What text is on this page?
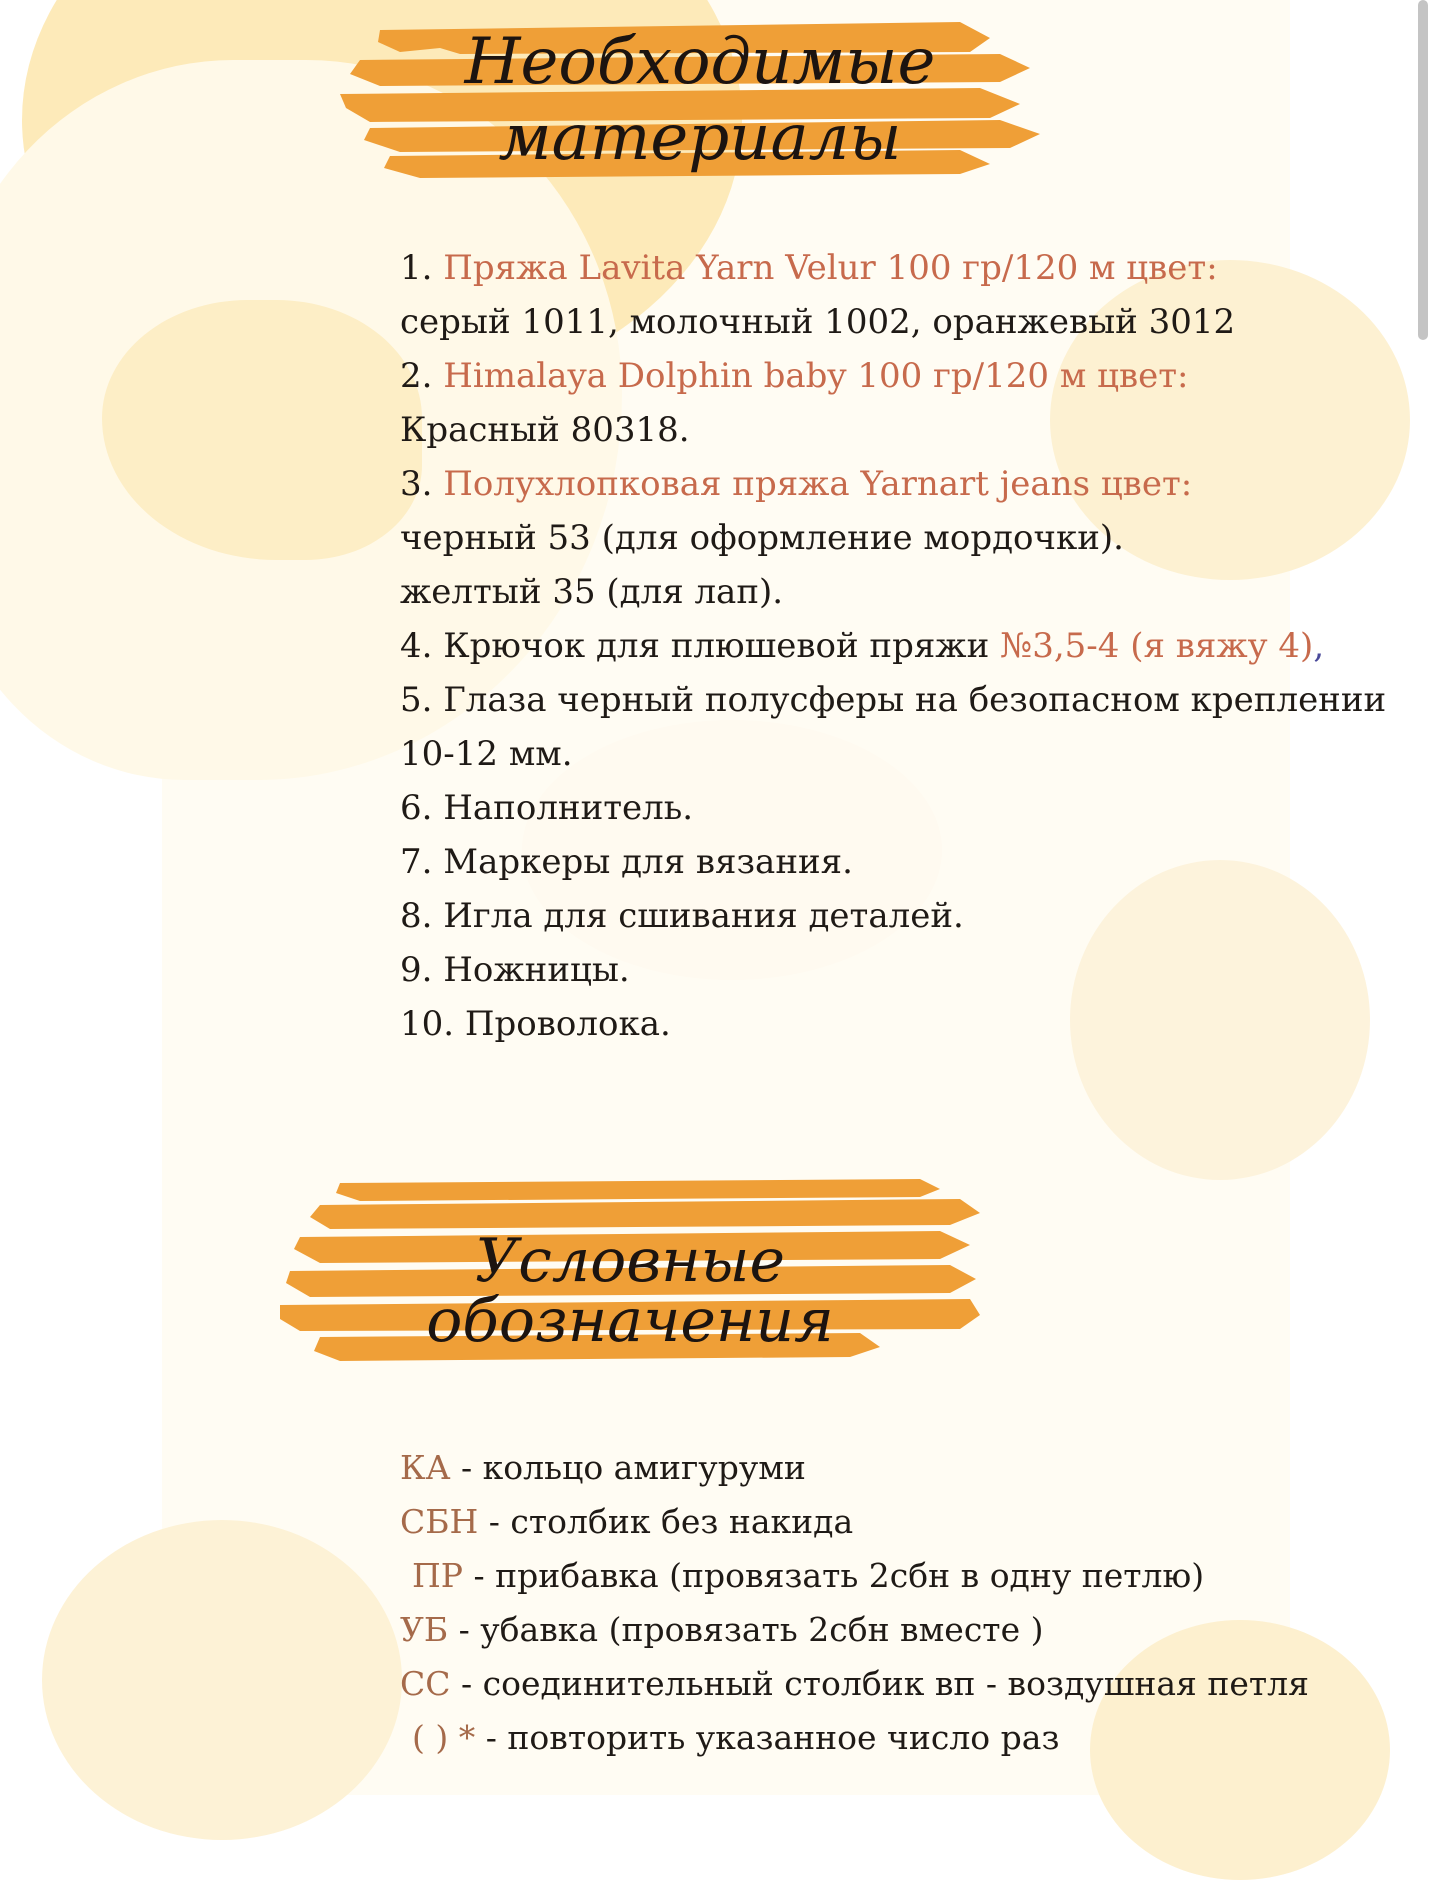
Необходимые
материалы
Условные обозначения
1. Пряжа Lavita Yarn Velur 100 гр/120 м цвет:
серый 1011, молочный 1002, оранжевый 3012
2. Himalaya Dolphin baby 100 гр/120 м цвет:
Красный 80318.
3. Полухлопковая пряжа Yarnart jeans цвет:
черный 53 (для оформление мордочки).
желтый 35 (для лап).
4. Крючок для плюшевой пряжи №3,5-4 (я вяжу 4),
5. Глаза черный полусферы на безопасном креплении
10-12 мм.
6. Наполнитель.
7. Маркеры для вязания.
8. Игла для сшивания деталей.
9. Ножницы.
10. Проволока.
КА - кольцо амигуруми
СБН - столбик без накида
ПР - прибавка (провязать 2сбн в одну петлю)
УБ - убавка (провязать 2сбн вместе )
СС - соединительный столбик вп - воздушная петля
( ) * - повторить указанное число раз
